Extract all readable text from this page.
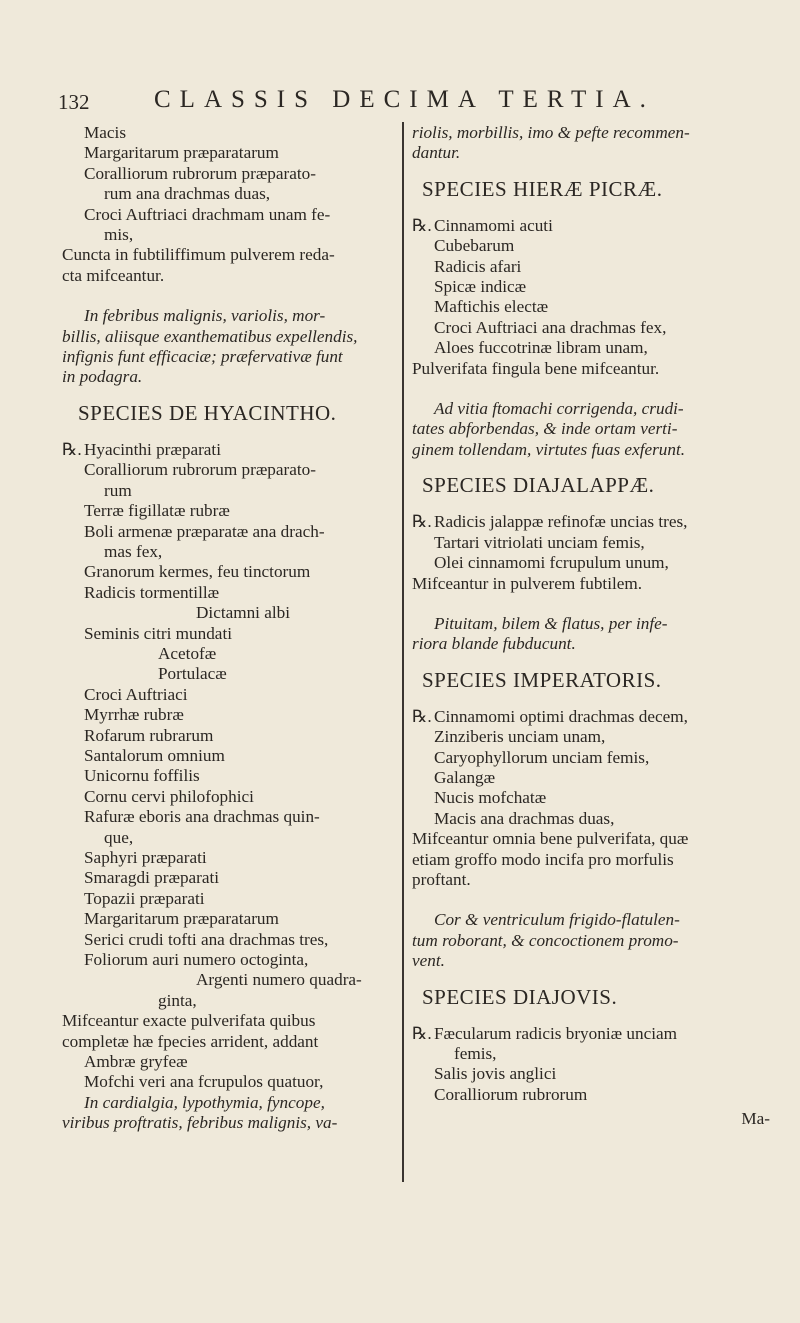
132	CLASSIS DECIMA TERTIA.
Macis
Margaritarum præparatarum
Coralliorum rubrorum præparato-
rum ana drachmas duas,
Croci Auftriaci drachmam unam fe-
mis,
Cuncta in fubtiliffimum pulverem reda-
cta mifceantur.
In febribus malignis, variolis, mor-
billis, aliisque exanthematibus expellendis,
infignis funt efficaciæ; præfervativæ funt
in podagra.
SPECIES DE HYACINTHO.
℞. Hyacinthi præparati
Coralliorum rubrorum præparato-
rum
Terræ figillatæ rubræ
Boli armenæ præparatæ ana drach-
mas fex,
Granorum kermes, feu tinctorum
Radicis tormentillæ
Dictamni albi
Seminis citri mundati
Acetofæ
Portulacæ
Croci Auftriaci
Myrrhæ rubræ
Rofarum rubrarum
Santalorum omnium
Unicornu foffilis
Cornu cervi philofophici
Rafuræ eboris ana drachmas quin-
que,
Saphyri præparati
Smaragdi præparati
Topazii præparati
Margaritarum præparatarum
Serici crudi tofti ana drachmas tres,
Foliorum auri numero octoginta,
Argenti numero quadra-
ginta,
Mifceantur exacte pulverifata quibus
completæ hæ fpecies arrident, addant
Ambræ gryfeæ
Mofchi veri ana fcrupulos quatuor,
In cardialgia, lypothymia, fyncope,
viribus proftratis, febribus malignis, va-
riolis, morbillis, imo & pefte recommen-
dantur.
SPECIES HIERÆ PICRÆ.
℞. Cinnamomi acuti
Cubebarum
Radicis afari
Spicæ indicæ
Maftichis electæ
Croci Auftriaci ana drachmas fex,
Aloes fuccotrinæ libram unam,
Pulverifata fingula bene mifceantur.
Ad vitia ftomachi corrigenda, crudi-
tates abforbendas, & inde ortam verti-
ginem tollendam, virtutes fuas exferunt.
SPECIES DIAJALAPPÆ.
℞. Radicis jalappæ refinofæ uncias tres,
Tartari vitriolati unciam femis,
Olei cinnamomi fcrupulum unum,
Mifceantur in pulverem fubtilem.
Pituitam, bilem & flatus, per infe-
riora blande fubducunt.
SPECIES IMPERATORIS.
℞. Cinnamomi optimi drachmas decem,
Zinziberis unciam unam,
Caryophyllorum unciam femis,
Galangæ
Nucis mofchatæ
Macis ana drachmas duas,
Mifceantur omnia bene pulverifata, quæ
etiam groffo modo incifa pro morfulis
proftant.
Cor & ventriculum frigido-flatulen-
tum roborant, & concoctionem promo-
vent.
SPECIES DIAJOVIS.
℞. Fæcularum radicis bryoniæ unciam
femis,
Salis jovis anglici
Coralliorum rubrorum
Ma-
